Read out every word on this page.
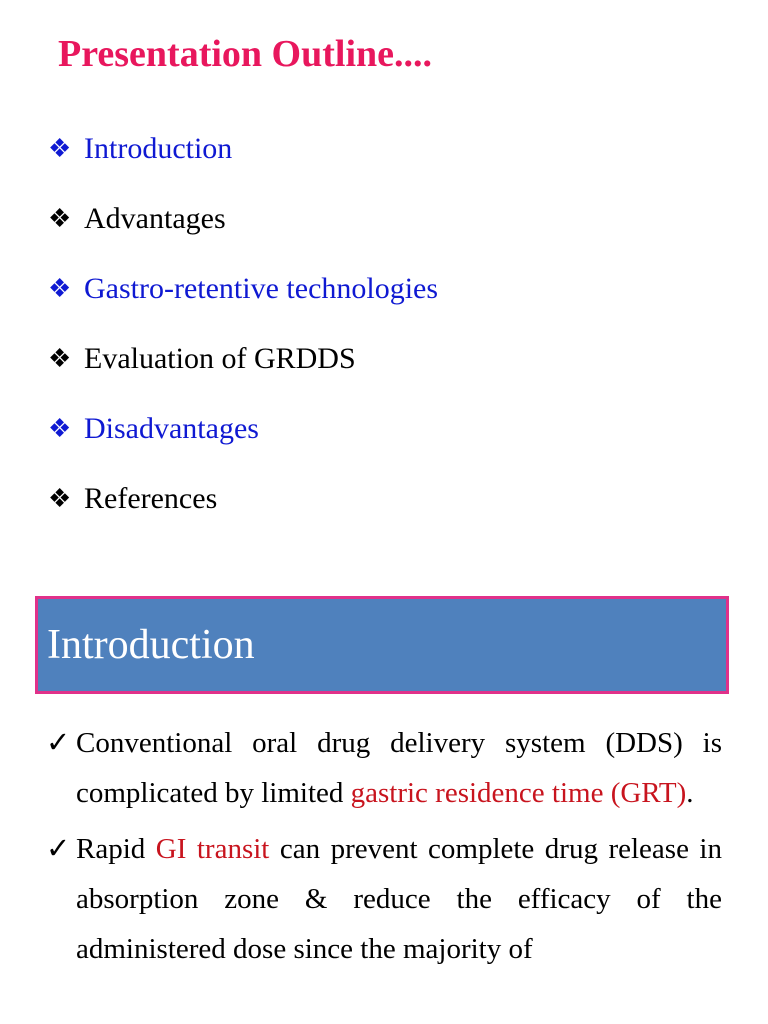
Presentation Outline....
❖ Introduction
❖ Advantages
❖ Gastro-retentive technologies
❖ Evaluation of GRDDS
❖ Disadvantages
❖ References
Introduction
✓ Conventional oral drug delivery system (DDS) is complicated by limited gastric residence time (GRT).
✓ Rapid GI transit can prevent complete drug release in absorption zone & reduce the efficacy of the administered dose since the majority of
